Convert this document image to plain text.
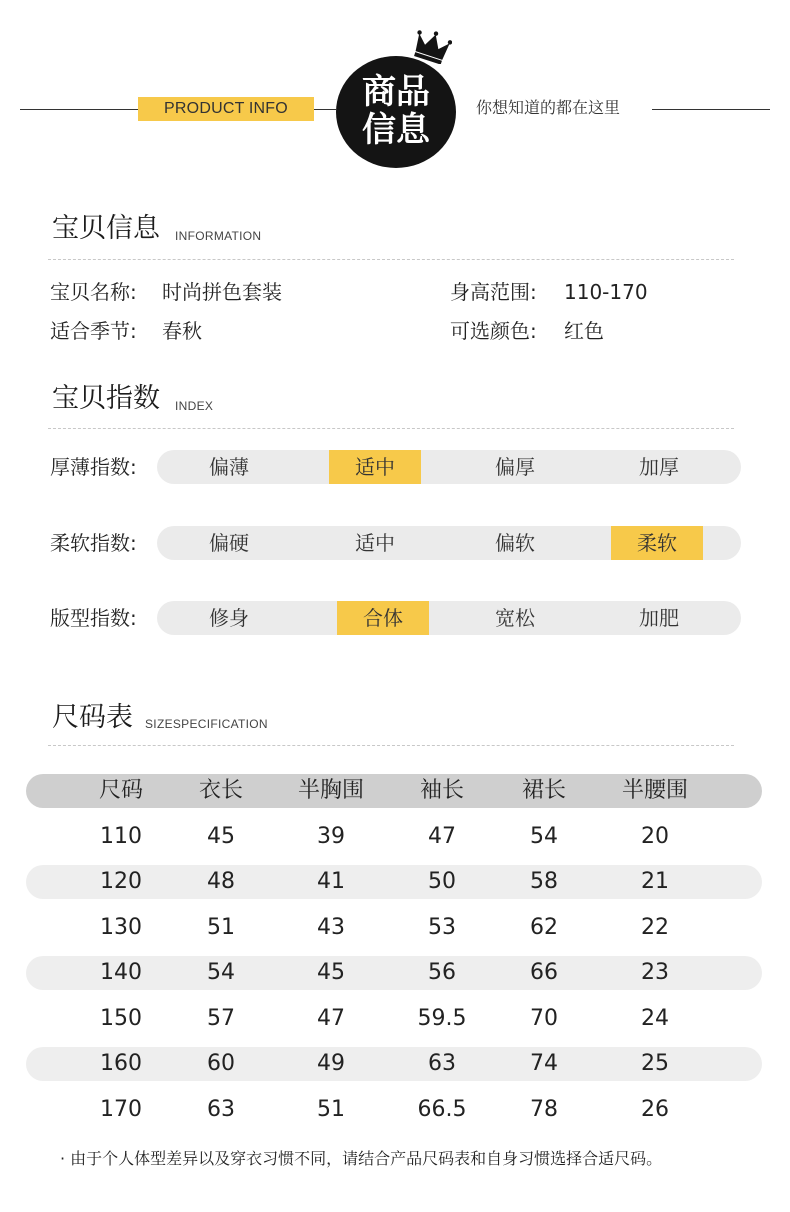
PRODUCT INFO	商品
信息
你想知道的都在这里
宝贝信息 INFORMATION
宝贝名称: 时尚拼色套装	身高范围: 110-170
适合季节: 春秋	可选颜色: 红色
宝贝指数 INDEX
厚薄指数:	偏薄	适中	偏厚	加厚
柔软指数:	偏硬	适中	偏软	柔软
版型指数:	修身	合体	宽松	加肥
尺码表 SIZESPECIFICATION
尺码	衣长	半胸围	袖长	裙长	半腰围
110	45	39	47	54	20
120	48	41	50	58	21
130	51	43	53	62	22
140	54	45	56	66	23
150	57	47	59.5	70	24
160	60	49	63	74	25
170	63	51	66.5	78	26
· 由于个人体型差异以及穿衣习惯不同，请结合产品尺码表和自身习惯选择合适尺码。
